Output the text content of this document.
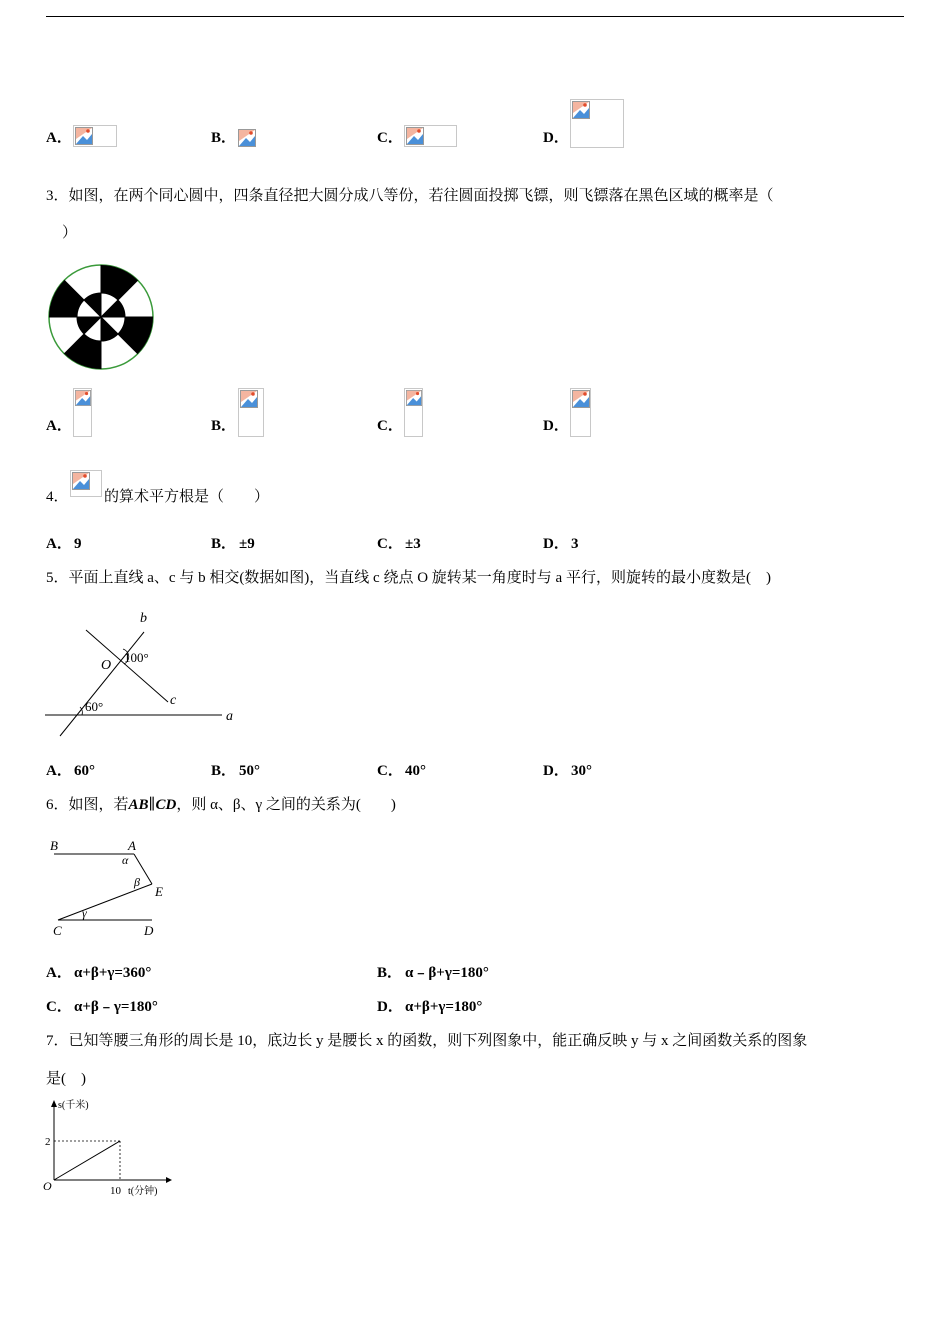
A．	B．	C．	D．
3．如图，在两个同心圆中，四条直径把大圆分成八等份，若往圆面投掷飞镖，则飞镖落在黑色区域的概率是（
）
A．	B．	C．	D．
4． 的算术平方根是（　　）
A． 9	B． ±9	C． ±3	D． 3
5．平面上直线 a、c 与 b 相交(数据如图)，当直线 c 绕点 O 旋转某一角度时与 a 平行，则旋转的最小度数是(　)
b
O
100°
c
a
60°
A． 60°	B． 50°	C． 40°	D． 30°
6．如图，若AB∥CD，则 α、β、γ 之间的关系为(　　)
B	A
α
β
E
γ
C	D
A． α+β+γ=360°	B． α﹣β+γ=180°
C． α+β﹣γ=180°	D． α+β+γ=180°
7．已知等腰三角形的周长是 10，底边长 y 是腰长 x 的函数，则下列图象中，能正确反映 y 与 x 之间函数关系的图象
是(　)
s(千米)
2
O	10 t(分钟)
